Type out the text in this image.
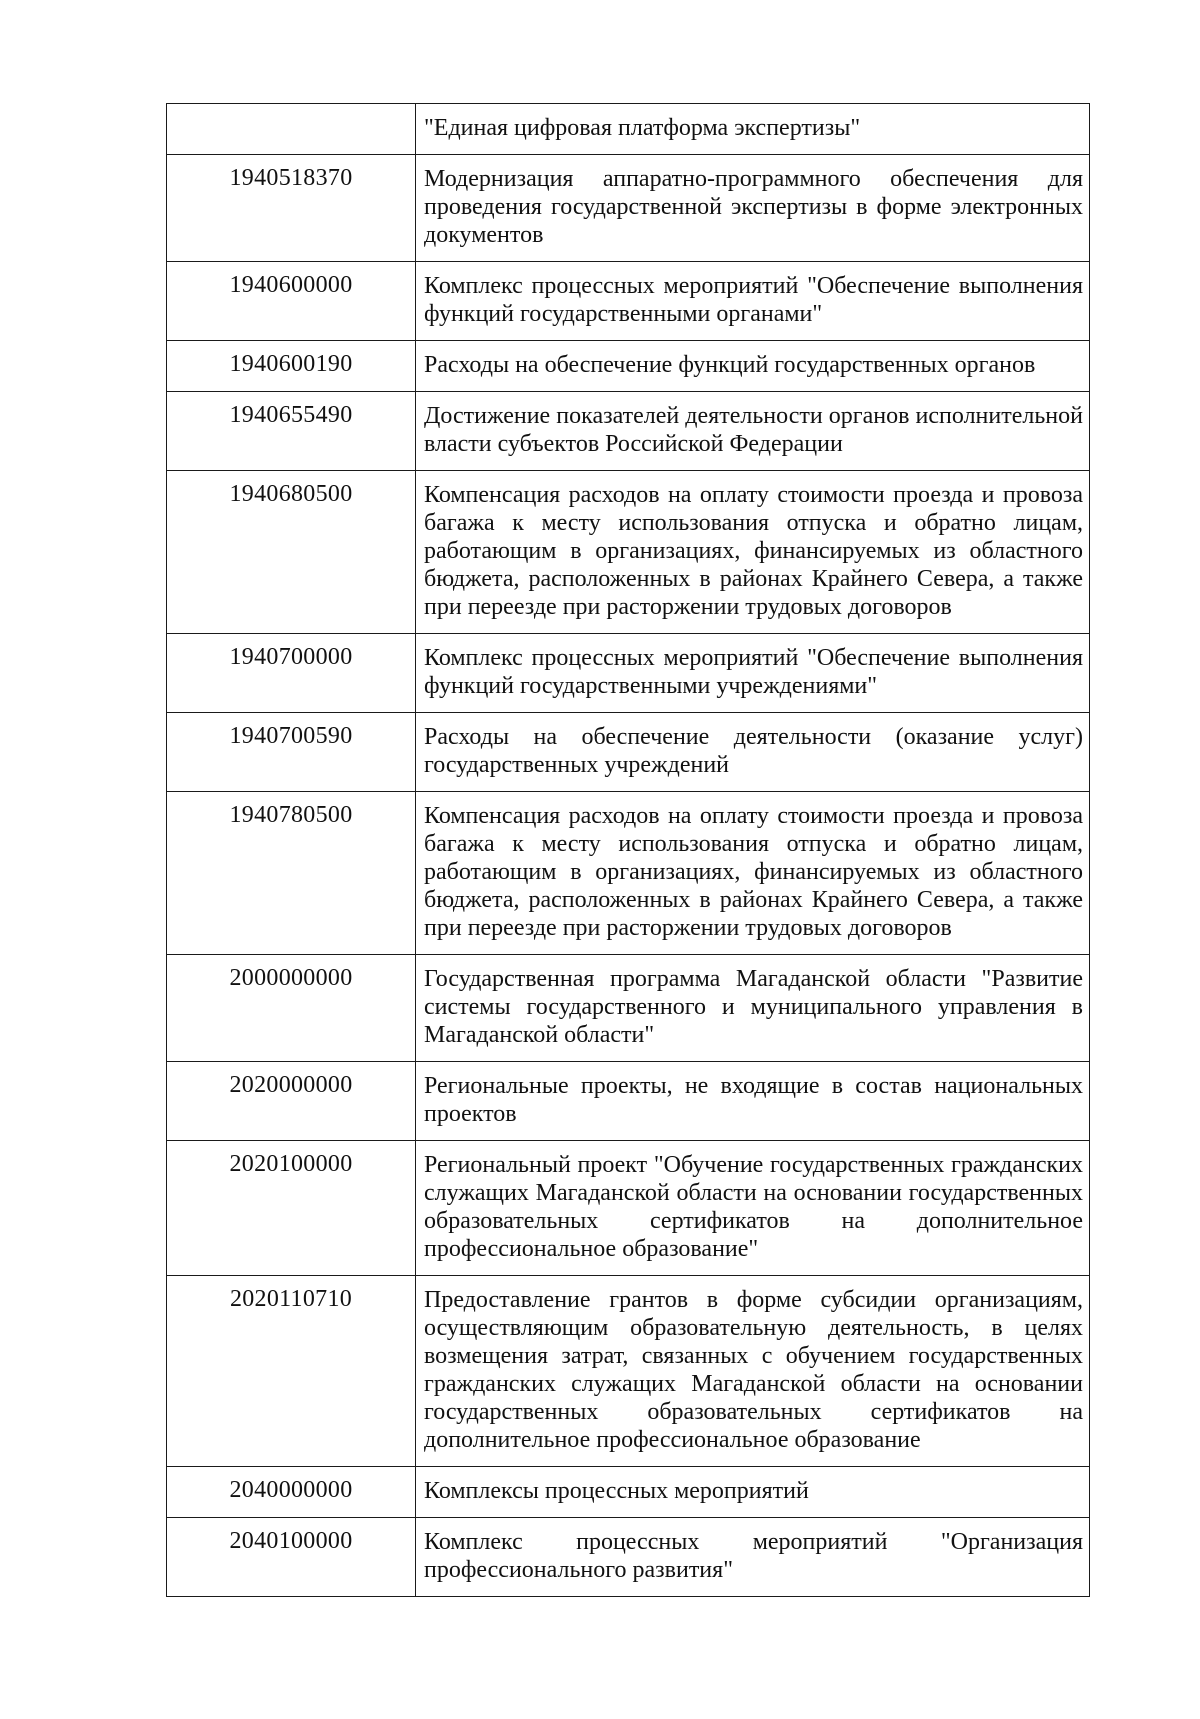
	"Единая цифровая платформа экспертизы"
1940518370	Модернизация аппаратно-программного обеспечения для проведения государственной экспертизы в форме электронных документов
1940600000	Комплекс процессных мероприятий "Обеспечение выполнения функций государственными органами"
1940600190	Расходы на обеспечение функций государственных органов
1940655490	Достижение показателей деятельности органов исполнительной власти субъектов Российской Федерации
1940680500	Компенсация расходов на оплату стоимости проезда и провоза багажа к месту использования отпуска и обратно лицам, работающим в организациях, финансируемых из областного бюджета, расположенных в районах Крайнего Севера, а также при переезде при расторжении трудовых договоров
1940700000	Комплекс процессных мероприятий "Обеспечение выполнения функций государственными учреждениями"
1940700590	Расходы на обеспечение деятельности (оказание услуг) государственных учреждений
1940780500	Компенсация расходов на оплату стоимости проезда и провоза багажа к месту использования отпуска и обратно лицам, работающим в организациях, финансируемых из областного бюджета, расположенных в районах Крайнего Севера, а также при переезде при расторжении трудовых договоров
2000000000	Государственная программа Магаданской области "Развитие системы государственного и муниципального управления в Магаданской области"
2020000000	Региональные проекты, не входящие в состав национальных проектов
2020100000	Региональный проект "Обучение государственных гражданских служащих Магаданской области на основании государственных образовательных сертификатов на дополнительное профессиональное образование"
2020110710	Предоставление грантов в форме субсидии организациям, осуществляющим образовательную деятельность, в целях возмещения затрат, связанных с обучением государственных гражданских служащих Магаданской области на основании государственных образовательных сертификатов на дополнительное профессиональное образование
2040000000	Комплексы процессных мероприятий
2040100000	Комплекс процессных мероприятий "Организация профессионального развития"
